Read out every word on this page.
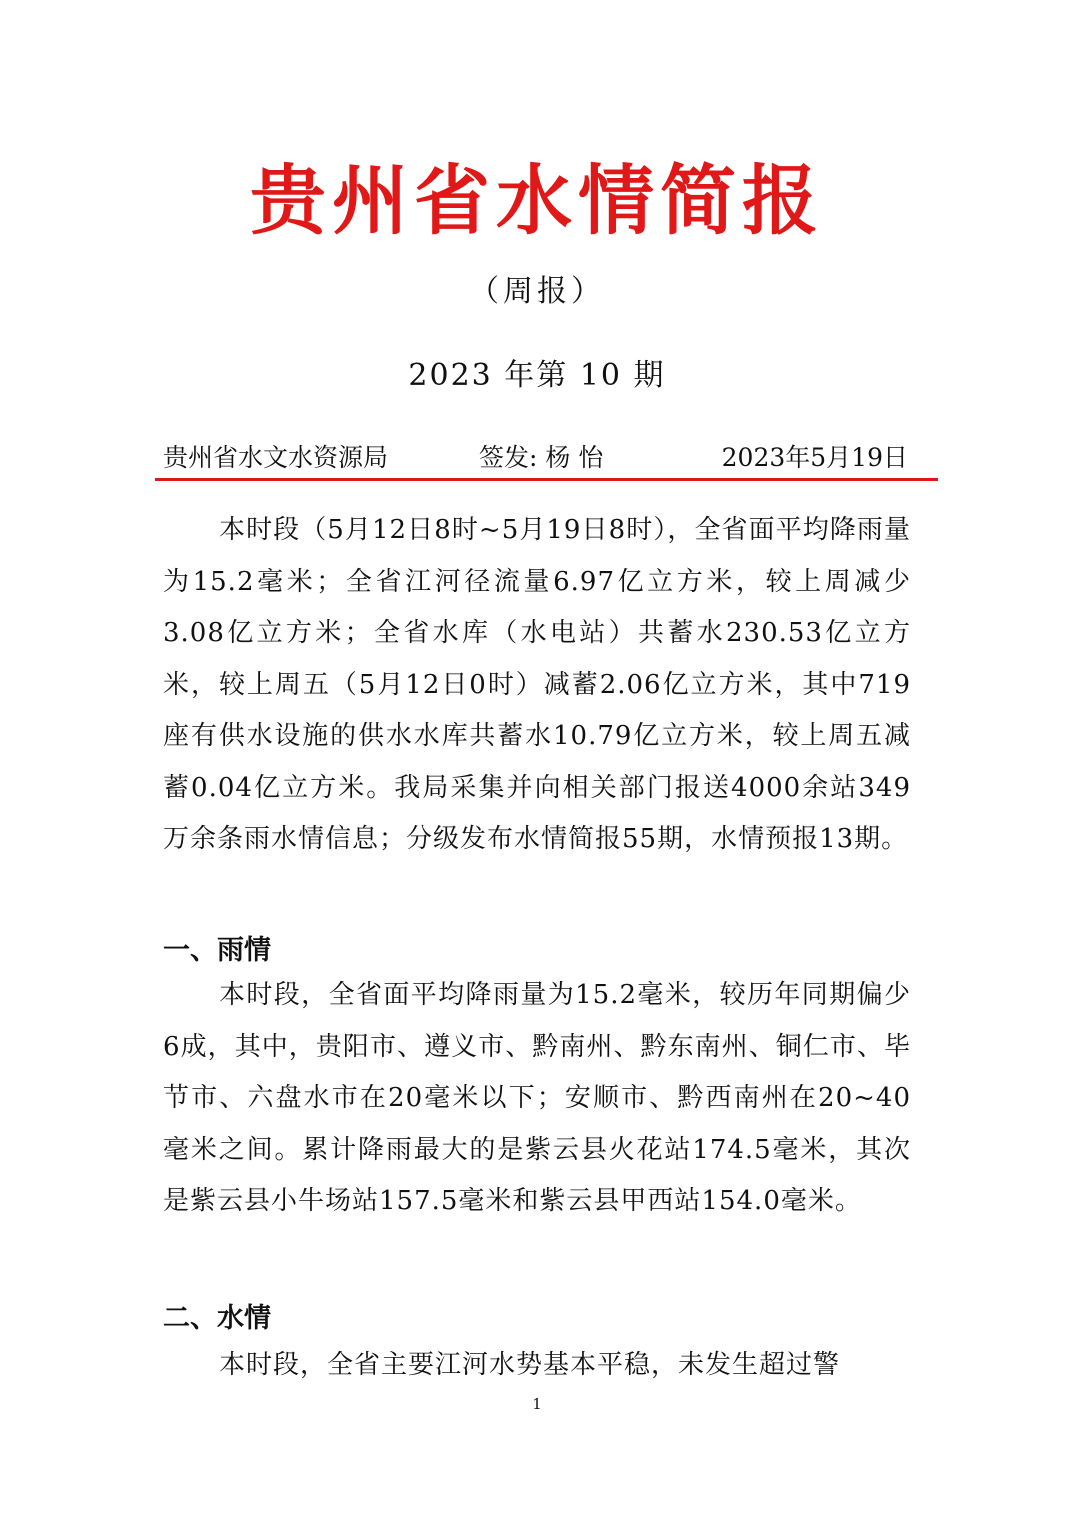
贵州省水情简报
（周报）
2023 年第 10 期
贵州省水文水资源局	签发: 杨 怡	2023年5月19日
本时段（5月12日8时~5月19日8时），全省面平均降雨量为15.2毫米；全省江河径流量6.97亿立方米，较上周减少3.08亿立方米；全省水库（水电站）共蓄水230.53亿立方米，较上周五（5月12日0时）减蓄2.06亿立方米，其中719座有供水设施的供水水库共蓄水10.79亿立方米，较上周五减蓄0.04亿立方米。我局采集并向相关部门报送4000余站349万余条雨水情信息；分级发布水情简报55期，水情预报13期。
一、雨情
本时段，全省面平均降雨量为15.2毫米，较历年同期偏少6成，其中，贵阳市、遵义市、黔南州、黔东南州、铜仁市、毕节市、六盘水市在20毫米以下；安顺市、黔西南州在20~40毫米之间。累计降雨最大的是紫云县火花站174.5毫米，其次是紫云县小牛场站157.5毫米和紫云县甲西站154.0毫米。
二、水情
本时段，全省主要江河水势基本平稳，未发生超过警
1
